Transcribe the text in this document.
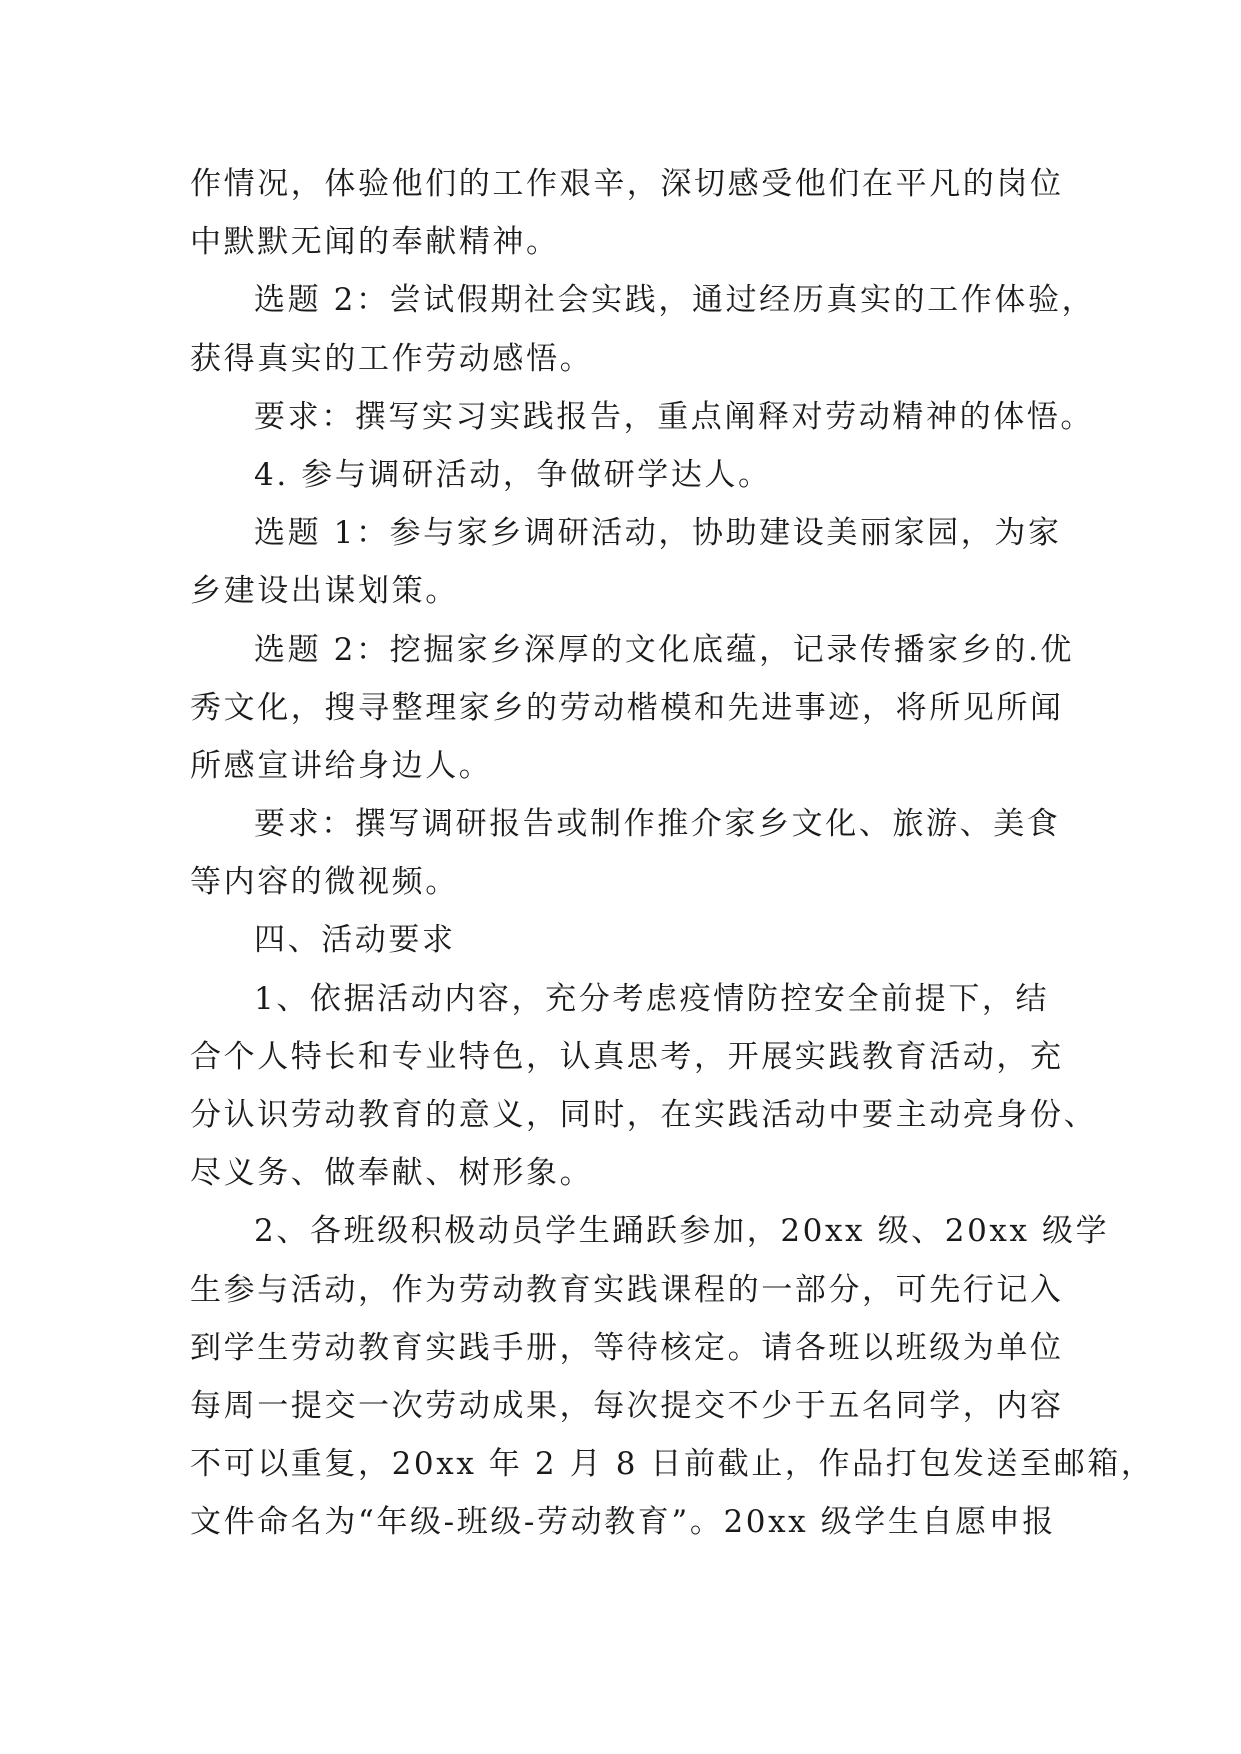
作情况，体验他们的工作艰辛，深切感受他们在平凡的岗位
中默默无闻的奉献精神。
选题 2：尝试假期社会实践，通过经历真实的工作体验，
获得真实的工作劳动感悟。
要求：撰写实习实践报告，重点阐释对劳动精神的体悟。
4. 参与调研活动，争做研学达人。
选题 1：参与家乡调研活动，协助建设美丽家园，为家
乡建设出谋划策。
选题 2：挖掘家乡深厚的文化底蕴，记录传播家乡的.优
秀文化，搜寻整理家乡的劳动楷模和先进事迹，将所见所闻
所感宣讲给身边人。
要求：撰写调研报告或制作推介家乡文化、旅游、美食
等内容的微视频。
四、活动要求
1、依据活动内容，充分考虑疫情防控安全前提下，结
合个人特长和专业特色，认真思考，开展实践教育活动，充
分认识劳动教育的意义，同时，在实践活动中要主动亮身份、
尽义务、做奉献、树形象。
2、各班级积极动员学生踊跃参加，20xx 级、20xx 级学
生参与活动，作为劳动教育实践课程的一部分，可先行记入
到学生劳动教育实践手册，等待核定。请各班以班级为单位
每周一提交一次劳动成果，每次提交不少于五名同学，内容
不可以重复，20xx 年 2 月 8 日前截止，作品打包发送至邮箱，
文件命名为“年级-班级-劳动教育”。20xx 级学生自愿申报
